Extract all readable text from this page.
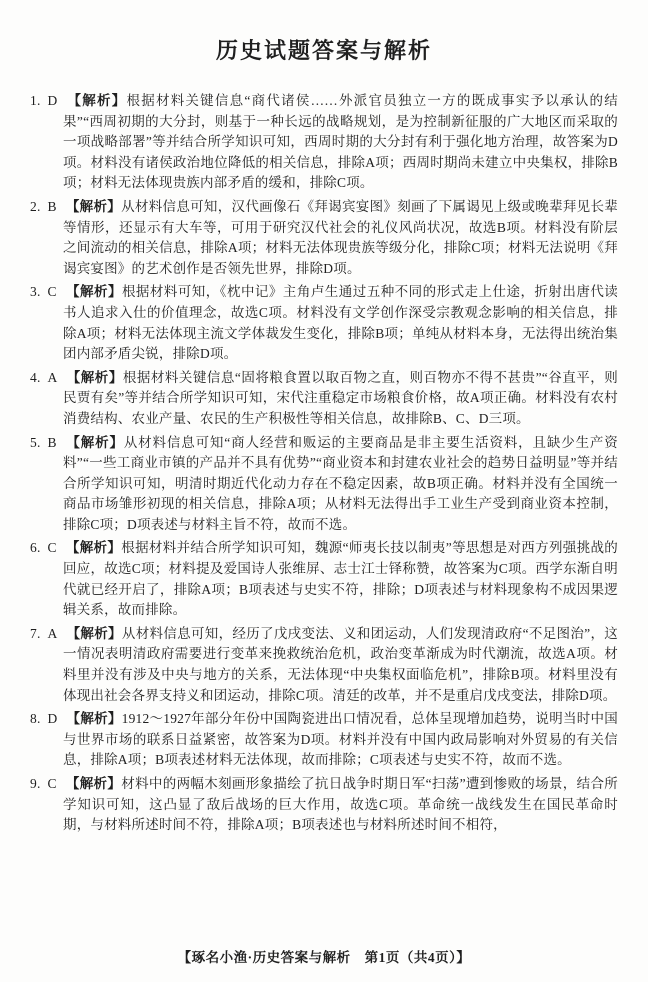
历史试题答案与解析

1. D 【解析】根据材料关键信息“商代诸侯……外派官员独立一方的既成事实予以承认的结果”“西周初期的大分封，则基于一种长远的战略规划，是为控制新征服的广大地区而采取的一项战略部署”等并结合所学知识可知，西周时期的大分封有利于强化地方治理，故答案为D项。材料没有诸侯政治地位降低的相关信息，排除A项；西周时期尚未建立中央集权，排除B项；材料无法体现贵族内部矛盾的缓和，排除C项。

2. B 【解析】从材料信息可知，汉代画像石《拜谒宾宴图》刻画了下属谒见上级或晚辈拜见长辈等情形，还显示有大车等，可用于研究汉代社会的礼仪风尚状况，故选B项。材料没有阶层之间流动的相关信息，排除A项；材料无法体现贵族等级分化，排除C项；材料无法说明《拜谒宾宴图》的艺术创作是否领先世界，排除D项。

3. C 【解析】根据材料可知，《枕中记》主角卢生通过五种不同的形式走上仕途，折射出唐代读书人追求入仕的价值理念，故选C项。材料没有文学创作深受宗教观念影响的相关信息，排除A项；材料无法体现主流文学体裁发生变化，排除B项；单纯从材料本身，无法得出统治集团内部矛盾尖锐，排除D项。

4. A 【解析】根据材料关键信息“固将粮食置以取百物之直，则百物亦不得不甚贵”“谷直平，则民贾有矣”等并结合所学知识可知，宋代注重稳定市场粮食价格，故A项正确。材料没有农村消费结构、农业产量、农民的生产积极性等相关信息，故排除B、C、D三项。

5. B 【解析】从材料信息可知“商人经营和贩运的主要商品是非主要生活资料，且缺少生产资料”“一些工商业市镇的产品并不具有优势”“商业资本和封建农业社会的趋势日益明显”等并结合所学知识可知，明清时期近代化动力存在不稳定因素，故B项正确。材料并没有全国统一商品市场雏形初现的相关信息，排除A项；从材料无法得出手工业生产受到商业资本控制，排除C项；D项表述与材料主旨不符，故而不选。

6. C 【解析】根据材料并结合所学知识可知，魏源“师夷长技以制夷”等思想是对西方列强挑战的回应，故选C项；材料提及爱国诗人张维屏、志士江士铎称赞，故答案为C项。西学东渐自明代就已经开启了，排除A项；B项表述与史实不符，排除；D项表述与材料现象构不成因果逻辑关系，故而排除。

7. A 【解析】从材料信息可知，经历了戊戌变法、义和团运动，人们发现清政府“不足图治”，这一情况表明清政府需要进行变革来挽救统治危机，政治变革渐成为时代潮流，故选A项。材料里并没有涉及中央与地方的关系，无法体现“中央集权面临危机”，排除B项。材料里没有体现出社会各界支持义和团运动，排除C项。清廷的改革，并不是重启戊戌变法，排除D项。

8. D 【解析】1912～1927年部分年份中国陶瓷进出口情况看，总体呈现增加趋势，说明当时中国与世界市场的联系日益紧密，故答案为D项。材料并没有中国内政局影响对外贸易的有关信息，排除A项；B项表述材料无法体现，故而排除；C项表述与史实不符，故而不选。

9. C 【解析】材料中的两幅木刻画形象描绘了抗日战争时期日军“扫荡”遭到惨败的场景，结合所学知识可知，这凸显了敌后战场的巨大作用，故选C项。革命统一战线发生在国民革命时期，与材料所述时间不符，排除A项；B项表述也与材料所述时间不相符，

【琢名小渔·历史答案与解析　第1页（共4页）】
